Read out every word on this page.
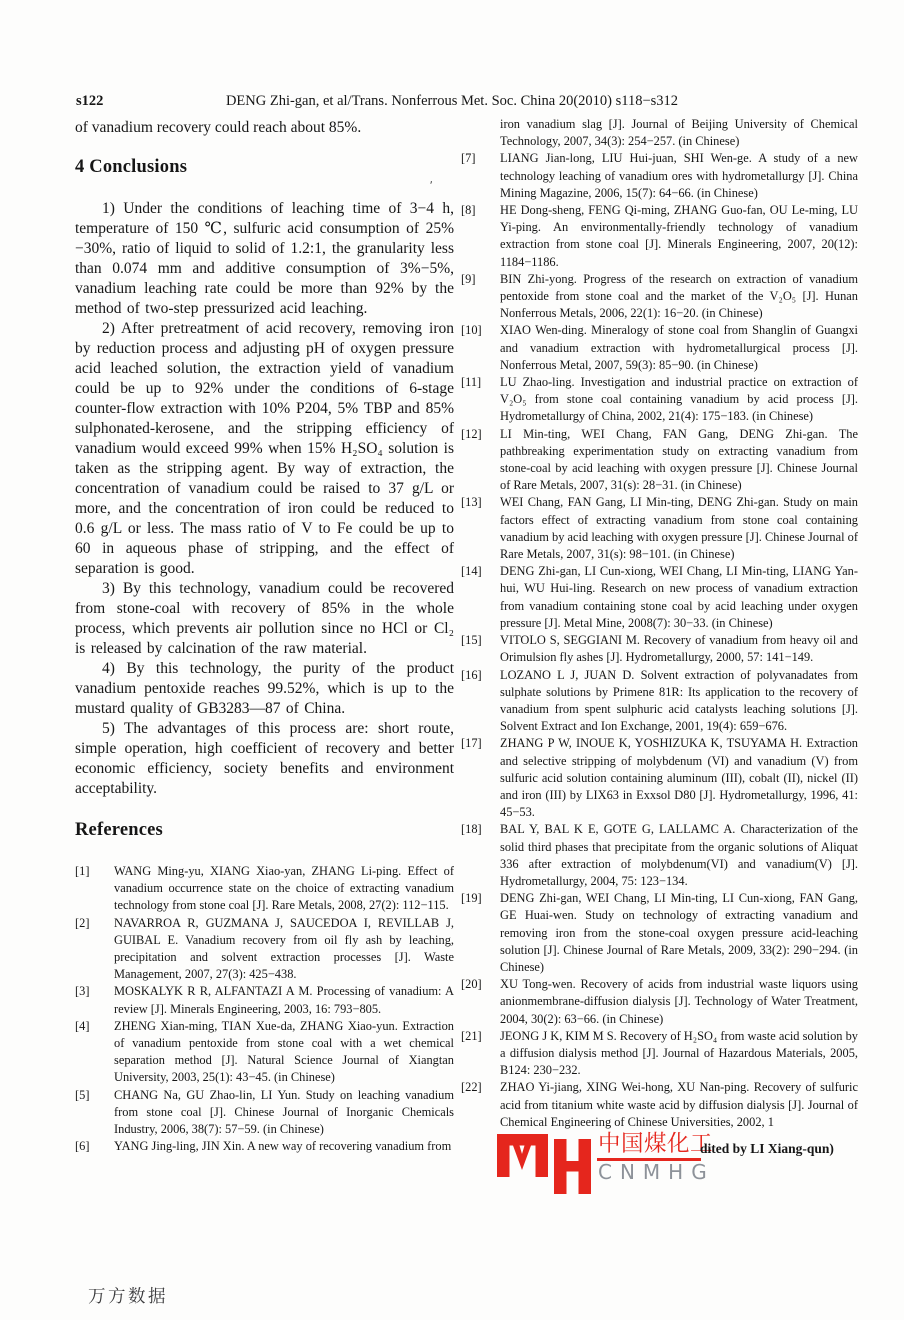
s122	DENG Zhi-gan, et al/Trans. Nonferrous Met. Soc. China 20(2010) s118−s312
ʹ
of vanadium recovery could reach about 85%.
4 Conclusions

1) Under the conditions of leaching time of 3−4 h, temperature of 150 ℃, sulfuric acid consumption of 25%−30%, ratio of liquid to solid of 1.2:1, the granularity less than 0.074 mm and additive consumption of 3%−5%, vanadium leaching rate could be more than 92% by the method of two-step pressurized acid leaching.

2) After pretreatment of acid recovery, removing iron by reduction process and adjusting pH of oxygen pressure acid leached solution, the extraction yield of vanadium could be up to 92% under the conditions of 6-stage counter-flow extraction with 10% P204, 5% TBP and 85% sulphonated-kerosene, and the stripping efficiency of vanadium would exceed 99% when 15% H₂SO₄ solution is taken as the stripping agent. By way of extraction, the concentration of vanadium could be raised to 37 g/L or more, and the concentration of iron could be reduced to 0.6 g/L or less. The mass ratio of V to Fe could be up to 60 in aqueous phase of stripping, and the effect of separation is good.

3) By this technology, vanadium could be recovered from stone-coal with recovery of 85% in the whole process, which prevents air pollution since no HCl or Cl₂ is released by calcination of the raw material.

4) By this technology, the purity of the product vanadium pentoxide reaches 99.52%, which is up to the mustard quality of GB3283—87 of China.

5) The advantages of this process are: short route, simple operation, high coefficient of recovery and better economic efficiency, society benefits and environment acceptability.

References
[1]	WANG Ming-yu, XIANG Xiao-yan, ZHANG Li-ping. Effect of vanadium occurrence state on the choice of extracting vanadium technology from stone coal [J]. Rare Metals, 2008, 27(2): 112−115.
[2]	NAVARROA R, GUZMANA J, SAUCEDOA I, REVILLAB J, GUIBAL E. Vanadium recovery from oil fly ash by leaching, precipitation and solvent extraction processes [J]. Waste Management, 2007, 27(3): 425−438.
[3]	MOSKALYK R R, ALFANTAZI A M. Processing of vanadium: A review [J]. Minerals Engineering, 2003, 16: 793−805.
[4]	ZHENG Xian-ming, TIAN Xue-da, ZHANG Xiao-yun. Extraction of vanadium pentoxide from stone coal with a wet chemical separation method [J]. Natural Science Journal of Xiangtan University, 2003, 25(1): 43−45. (in Chinese)
[5]	CHANG Na, GU Zhao-lin, LI Yun. Study on leaching vanadium from stone coal [J]. Chinese Journal of Inorganic Chemicals Industry, 2006, 38(7): 57−59. (in Chinese)
[6]	YANG Jing-ling, JIN Xin. A new way of recovering vanadium from
iron vanadium slag [J]. Journal of Beijing University of Chemical Technology, 2007, 34(3): 254−257. (in Chinese)
[7]	LIANG Jian-long, LIU Hui-juan, SHI Wen-ge. A study of a new technology leaching of vanadium ores with hydrometallurgy [J]. China Mining Magazine, 2006, 15(7): 64−66. (in Chinese)
[8]	HE Dong-sheng, FENG Qi-ming, ZHANG Guo-fan, OU Le-ming, LU Yi-ping. An environmentally-friendly technology of vanadium extraction from stone coal [J]. Minerals Engineering, 2007, 20(12): 1184−1186.
[9]	BIN Zhi-yong. Progress of the research on extraction of vanadium pentoxide from stone coal and the market of the V₂O₅ [J]. Hunan Nonferrous Metals, 2006, 22(1): 16−20. (in Chinese)
[10]	XIAO Wen-ding. Mineralogy of stone coal from Shanglin of Guangxi and vanadium extraction with hydrometallurgical process [J]. Nonferrous Metal, 2007, 59(3): 85−90. (in Chinese)
[11]	LU Zhao-ling. Investigation and industrial practice on extraction of V₂O₅ from stone coal containing vanadium by acid process [J]. Hydrometallurgy of China, 2002, 21(4): 175−183. (in Chinese)
[12]	LI Min-ting, WEI Chang, FAN Gang, DENG Zhi-gan. The pathbreaking experimentation study on extracting vanadium from stone-coal by acid leaching with oxygen pressure [J]. Chinese Journal of Rare Metals, 2007, 31(s): 28−31. (in Chinese)
[13]	WEI Chang, FAN Gang, LI Min-ting, DENG Zhi-gan. Study on main factors effect of extracting vanadium from stone coal containing vanadium by acid leaching with oxygen pressure [J]. Chinese Journal of Rare Metals, 2007, 31(s): 98−101. (in Chinese)
[14]	DENG Zhi-gan, LI Cun-xiong, WEI Chang, LI Min-ting, LIANG Yan-hui, WU Hui-ling. Research on new process of vanadium extraction from vanadium containing stone coal by acid leaching under oxygen pressure [J]. Metal Mine, 2008(7): 30−33. (in Chinese)
[15]	VITOLO S, SEGGIANI M. Recovery of vanadium from heavy oil and Orimulsion fly ashes [J]. Hydrometallurgy, 2000, 57: 141−149.
[16]	LOZANO L J, JUAN D. Solvent extraction of polyvanadates from sulphate solutions by Primene 81R: Its application to the recovery of vanadium from spent sulphuric acid catalysts leaching solutions [J]. Solvent Extract and Ion Exchange, 2001, 19(4): 659−676.
[17]	ZHANG P W, INOUE K, YOSHIZUKA K, TSUYAMA H. Extraction and selective stripping of molybdenum (VI) and vanadium (V) from sulfuric acid solution containing aluminum (III), cobalt (II), nickel (II) and iron (III) by LIX63 in Exxsol D80 [J]. Hydrometallurgy, 1996, 41: 45−53.
[18]	BAL Y, BAL K E, GOTE G, LALLAMC A. Characterization of the solid third phases that precipitate from the organic solutions of Aliquat 336 after extraction of molybdenum(VI) and vanadium(V) [J]. Hydrometallurgy, 2004, 75: 123−134.
[19]	DENG Zhi-gan, WEI Chang, LI Min-ting, LI Cun-xiong, FAN Gang, GE Huai-wen. Study on technology of extracting vanadium and removing iron from the stone-coal oxygen pressure acid-leaching solution [J]. Chinese Journal of Rare Metals, 2009, 33(2): 290−294. (in Chinese)
[20]	XU Tong-wen. Recovery of acids from industrial waste liquors using anionmembrane-diffusion dialysis [J]. Technology of Water Treatment, 2004, 30(2): 63−66. (in Chinese)
[21]	JEONG J K, KIM M S. Recovery of H₂SO₄ from waste acid solution by a diffusion dialysis method [J]. Journal of Hazardous Materials, 2005, B124: 230−232.
[22]	ZHAO Yi-jiang, XING Wei-hong, XU Nan-ping. Recovery of sulfuric acid from titanium white waste acid by diffusion dialysis [J]. Journal of Chemical Engineering of Chinese Universities, 2002, 1
中国煤化工
CNMHG
dited by LI Xiang-qun)
万方数据
